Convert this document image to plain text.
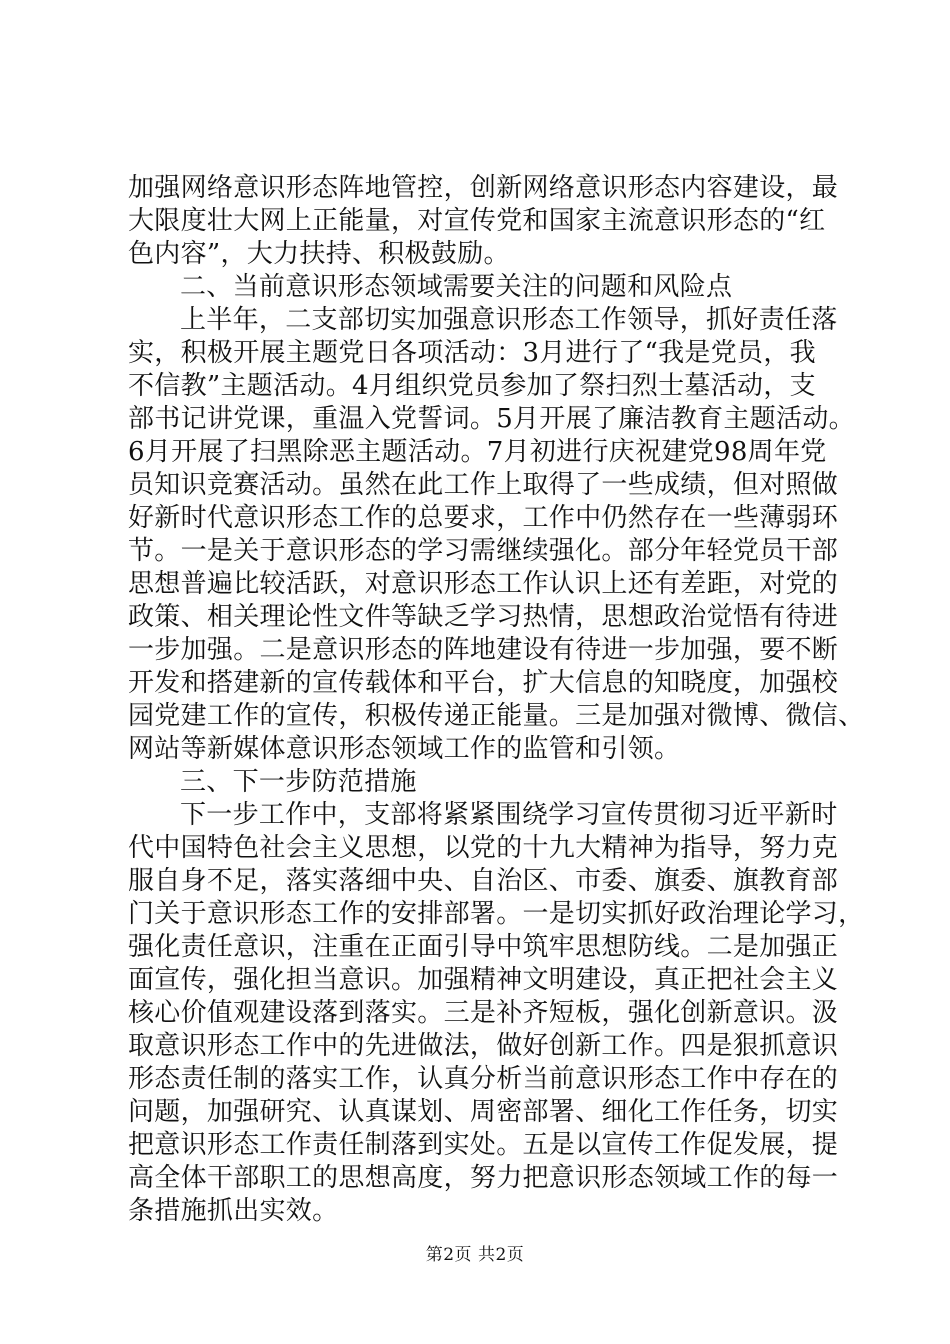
加强网络意识形态阵地管控，创新网络意识形态内容建设，最
大限度壮大网上正能量，对宣传党和国家主流意识形态的“红
色内容”，大力扶持、积极鼓励。
二、当前意识形态领域需要关注的问题和风险点
上半年，二支部切实加强意识形态工作领导，抓好责任落
实，积极开展主题党日各项活动：3月进行了“我是党员，我
不信教”主题活动。4月组织党员参加了祭扫烈士墓活动，支
部书记讲党课，重温入党誓词。5月开展了廉洁教育主题活动。
6月开展了扫黑除恶主题活动。7月初进行庆祝建党98周年党
员知识竞赛活动。虽然在此工作上取得了一些成绩，但对照做
好新时代意识形态工作的总要求，工作中仍然存在一些薄弱环
节。一是关于意识形态的学习需继续强化。部分年轻党员干部
思想普遍比较活跃，对意识形态工作认识上还有差距，对党的
政策、相关理论性文件等缺乏学习热情，思想政治觉悟有待进
一步加强。二是意识形态的阵地建设有待进一步加强，要不断
开发和搭建新的宣传载体和平台，扩大信息的知晓度，加强校
园党建工作的宣传，积极传递正能量。三是加强对微博、微信、
网站等新媒体意识形态领域工作的监管和引领。
三、下一步防范措施
下一步工作中，支部将紧紧围绕学习宣传贯彻习近平新时
代中国特色社会主义思想，以党的十九大精神为指导，努力克
服自身不足，落实落细中央、自治区、市委、旗委、旗教育部
门关于意识形态工作的安排部署。一是切实抓好政治理论学习，
强化责任意识，注重在正面引导中筑牢思想防线。二是加强正
面宣传，强化担当意识。加强精神文明建设，真正把社会主义
核心价值观建设落到落实。三是补齐短板，强化创新意识。汲
取意识形态工作中的先进做法，做好创新工作。四是狠抓意识
形态责任制的落实工作，认真分析当前意识形态工作中存在的
问题，加强研究、认真谋划、周密部署、细化工作任务，切实
把意识形态工作责任制落到实处。五是以宣传工作促发展，提
高全体干部职工的思想高度，努力把意识形态领域工作的每一
条措施抓出实效。
第2页 共2页
